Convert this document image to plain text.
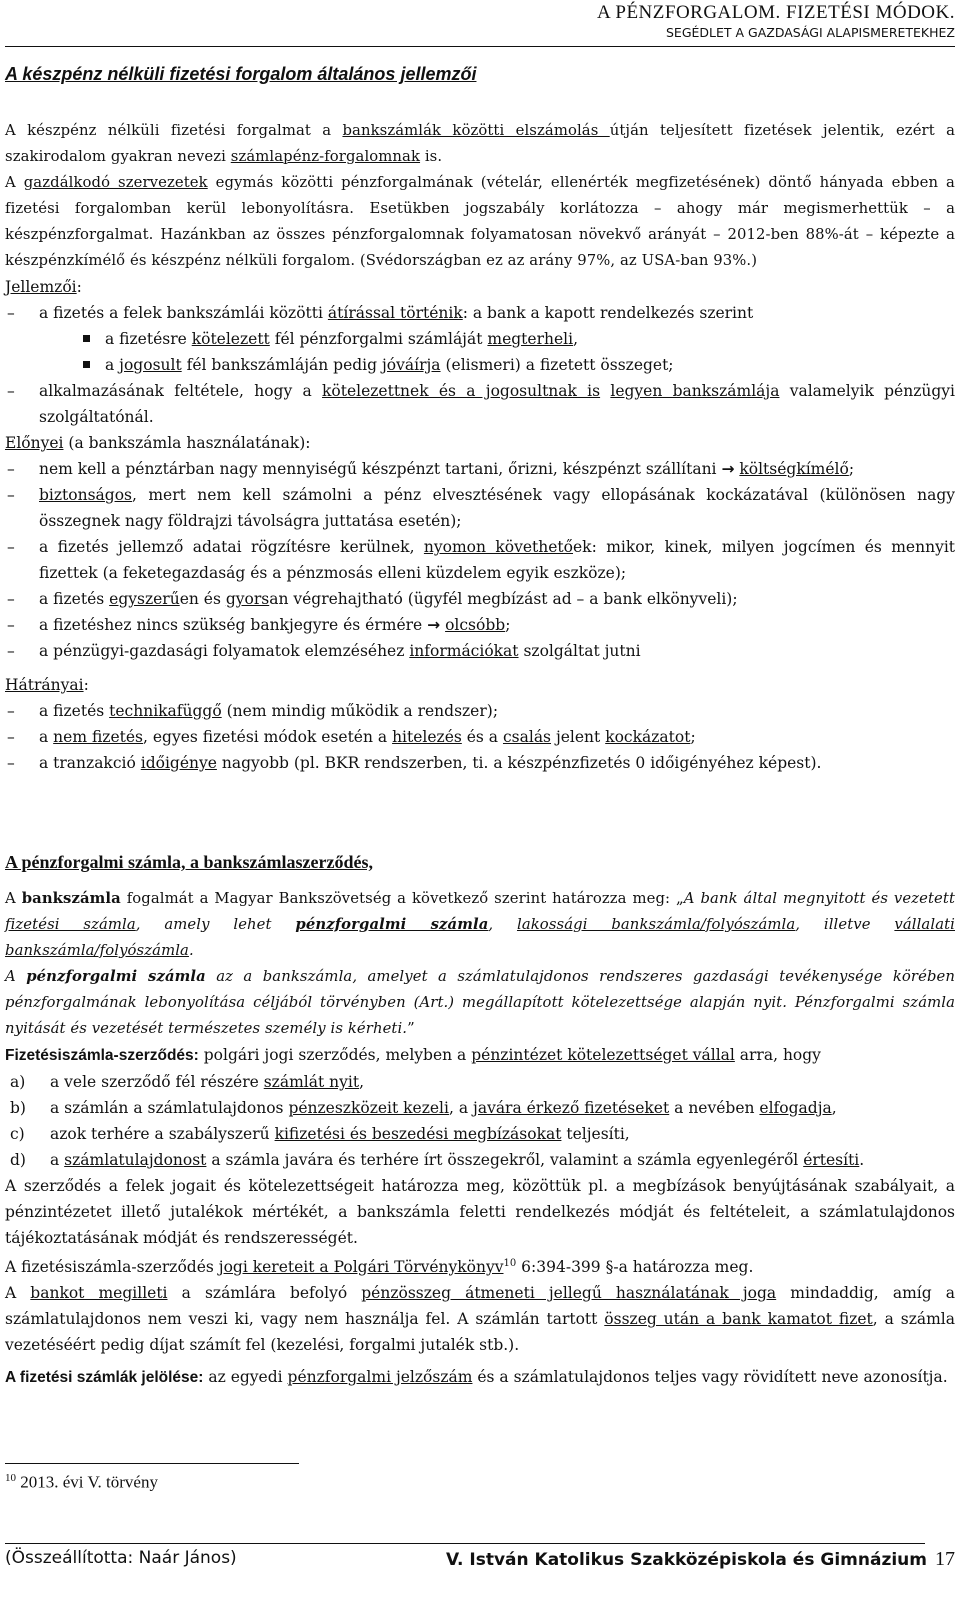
A PÉNZFORGALOM. FIZETÉSI MÓDOK.
SEGÉDLET A GAZDASÁGI ALAPISMERETEKHEZ
A készpénz nélküli fizetési forgalom általános jellemzői
A készpénz nélküli fizetési forgalmat a bankszámlák közötti elszámolás útján teljesített fizetések jelentik, ezért a szakirodalom gyakran nevezi számlapénz-forgalomnak is.
A gazdálkodó szervezetek egymás közötti pénzforgalmának (vételár, ellenérték megfizetésének) döntő hányada ebben a fizetési forgalomban kerül lebonyolításra. Esetükben jogszabály korlátozza – ahogy már megismerhettük – a készpénzforgalmat. Hazánkban az összes pénzforgalomnak folyamatosan növekvő arányát – 2012-ben 88%-át – képezte a készpénzkímélő és készpénz nélküli forgalom. (Svédországban ez az arány 97%, az USA-ban 93%.)
Jellemzői:
– a fizetés a felek bankszámlái közötti átírással történik: a bank a kapott rendelkezés szerint
a fizetésre kötelezett fél pénzforgalmi számláját megterheli,
a jogosult fél bankszámláján pedig jóváírja (elismeri) a fizetett összeget;
– alkalmazásának feltétele, hogy a kötelezettnek és a jogosultnak is legyen bankszámlája valamelyik pénzügyi szolgáltatónál.
Előnyei (a bankszámla használatának):
– nem kell a pénztárban nagy mennyiségű készpénzt tartani, őrizni, készpénzt szállítani → költségkímélő;
– biztonságos, mert nem kell számolni a pénz elvesztésének vagy ellopásának kockázatával (különösen nagy összegnek nagy földrajzi távolságra juttatása esetén);
– a fizetés jellemző adatai rögzítésre kerülnek, nyomon követhetőek: mikor, kinek, milyen jogcímen és mennyit fizettek (a feketegazdaság és a pénzmosás elleni küzdelem egyik eszköze);
– a fizetés egyszerűen és gyorsan végrehajtható (ügyfél megbízást ad – a bank elkönyveli);
– a fizetéshez nincs szükség bankjegyre és érmére → olcsóbb;
– a pénzügyi-gazdasági folyamatok elemzéséhez információkat szolgáltat jutni
Hátrányai:
– a fizetés technikafüggő (nem mindig működik a rendszer);
– a nem fizetés, egyes fizetési módok esetén a hitelezés és a csalás jelent kockázatot;
– a tranzakció időigénye nagyobb (pl. BKR rendszerben, ti. a készpénzfizetés 0 időigényéhez képest).
A pénzforgalmi számla, a bankszámlaszerződés,
A bankszámla fogalmát a Magyar Bankszövetség a következő szerint határozza meg: „A bank által megnyitott és vezetett fizetési számla, amely lehet pénzforgalmi számla, lakossági bankszámla/folyószámla, illetve vállalati bankszámla/folyószámla.
A pénzforgalmi számla az a bankszámla, amelyet a számlatulajdonos rendszeres gazdasági tevékenysége körében pénzforgalmának lebonyolítása céljából törvényben (Art.) megállapított kötelezettsége alapján nyit. Pénzforgalmi számla nyitását és vezetését természetes személy is kérheti.”
Fizetésiszámla-szerződés: polgári jogi szerződés, melyben a pénzintézet kötelezettséget vállal arra, hogy
a) a vele szerződő fél részére számlát nyit,
b) a számlán a számlatulajdonos pénzeszközeit kezeli, a javára érkező fizetéseket a nevében elfogadja,
c) azok terhére a szabályszerű kifizetési és beszedési megbízásokat teljesíti,
d) a számlatulajdonost a számla javára és terhére írt összegekről, valamint a számla egyenlegéről értesíti.
A szerződés a felek jogait és kötelezettségeit határozza meg, közöttük pl. a megbízások benyújtásának szabályait, a pénzintézetet illető jutalékok mértékét, a bankszámla feletti rendelkezés módját és feltételeit, a számlatulajdonos tájékoztatásának módját és rendszerességét.
A fizetésiszámla-szerződés jogi kereteit a Polgári Törvénykönyv$^{10}$ 6:394-399 §-a határozza meg.
A bankot megilleti a számlára befolyó pénzösszeg átmeneti jellegű használatának joga mindaddig, amíg a számlatulajdonos nem veszi ki, vagy nem használja fel. A számlán tartott összeg után a bank kamatot fizet, a számla vezetéséért pedig díjat számít fel (kezelési, forgalmi jutalék stb.).
A fizetési számlák jelölése: az egyedi pénzforgalmi jelzőszám és a számlatulajdonos teljes vagy rövidített neve azonosítja.
$^{10}$ 2013. évi V. törvény
(Összeállította: Naár János)	V. István Katolikus Szakközépiskola és Gimnázium 17
